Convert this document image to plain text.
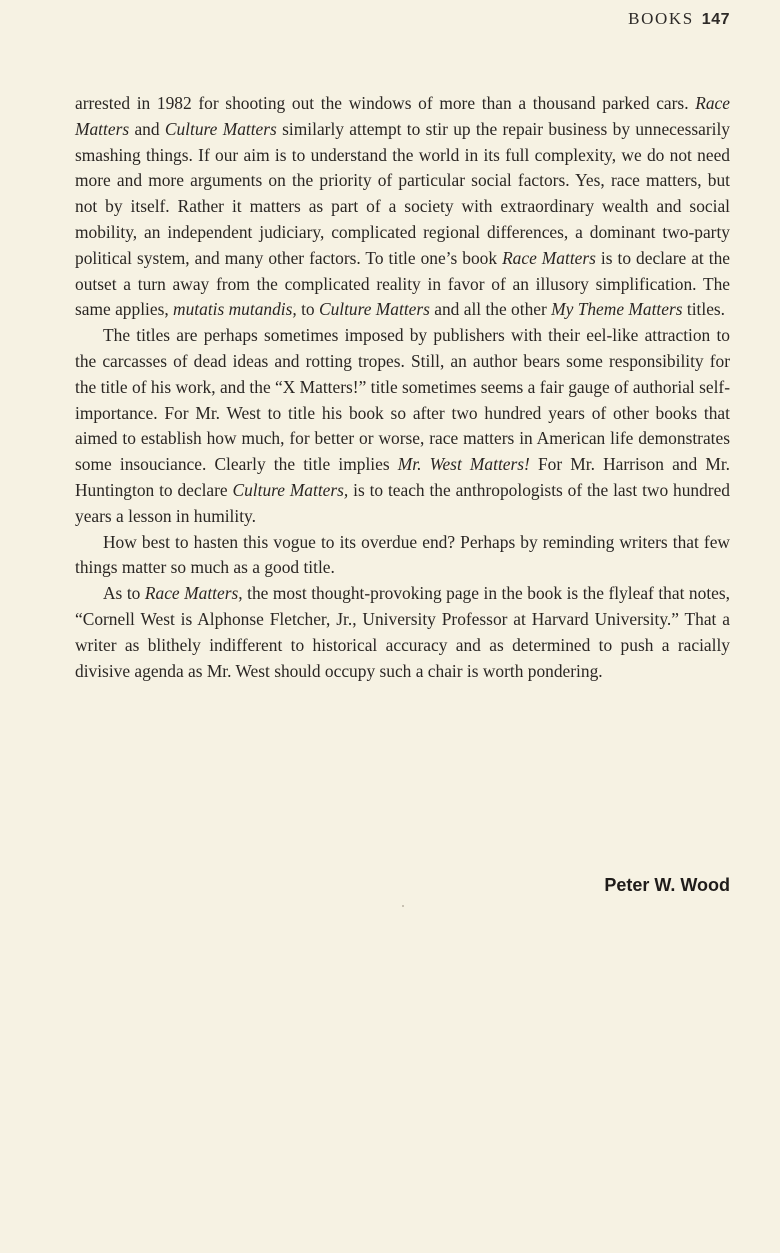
BOOKS 147

arrested in 1982 for shooting out the windows of more than a thousand parked cars. Race Matters and Culture Matters similarly attempt to stir up the repair business by unnecessarily smashing things. If our aim is to understand the world in its full complexity, we do not need more and more arguments on the priority of particular social factors. Yes, race matters, but not by itself. Rather it matters as part of a society with extraordinary wealth and social mobility, an independent judiciary, complicated regional differences, a dominant two-party political system, and many other factors. To title one’s book Race Matters is to declare at the outset a turn away from the complicated reality in favor of an illusory simplification. The same applies, mutatis mutandis, to Culture Matters and all the other My Theme Matters titles.

The titles are perhaps sometimes imposed by publishers with their eel-like attraction to the carcasses of dead ideas and rotting tropes. Still, an author bears some responsibility for the title of his work, and the “X Matters!” title sometimes seems a fair gauge of authorial self-importance. For Mr. West to title his book so after two hundred years of other books that aimed to establish how much, for better or worse, race matters in American life demonstrates some insouciance. Clearly the title implies Mr. West Matters! For Mr. Harrison and Mr. Huntington to declare Culture Matters, is to teach the anthropologists of the last two hundred years a lesson in humility.

How best to hasten this vogue to its overdue end? Perhaps by reminding writers that few things matter so much as a good title.

As to Race Matters, the most thought-provoking page in the book is the flyleaf that notes, “Cornell West is Alphonse Fletcher, Jr., University Professor at Harvard University.” That a writer as blithely indifferent to historical accuracy and as determined to push a racially divisive agenda as Mr. West should occupy such a chair is worth pondering.

Peter W. Wood
